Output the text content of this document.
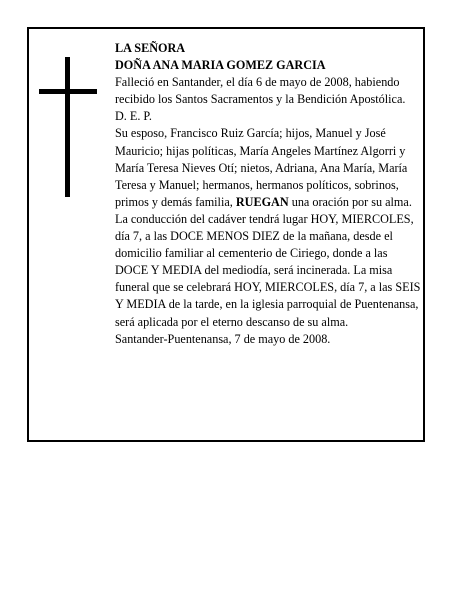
LA SEÑORA

DOÑA ANA MARIA GOMEZ GARCIA

Falleció en Santander, el día 6 de mayo de 2008, habiendo recibido los Santos Sacramentos y la Bendición Apostólica.

D. E. P.

Su esposo, Francisco Ruiz García; hijos, Manuel y José Mauricio; hijas políticas, María Angeles Martínez Algorri y María Teresa Nieves Otí; nietos, Adriana, Ana María, María Teresa y Manuel; hermanos, hermanos políticos, sobrinos, primos y demás familia, RUEGAN una oración por su alma. La conducción del cadáver tendrá lugar HOY, MIERCOLES, día 7, a las DOCE MENOS DIEZ de la mañana, desde el domicilio familiar al cementerio de Ciriego, donde a las DOCE Y MEDIA del mediodía, será incinerada. La misa funeral que se celebrará HOY, MIERCOLES, día 7, a las SEIS Y MEDIA de la tarde, en la iglesia parroquial de Puentenansa, será aplicada por el eterno descanso de su alma.

Santander-Puentenansa, 7 de mayo de 2008.
